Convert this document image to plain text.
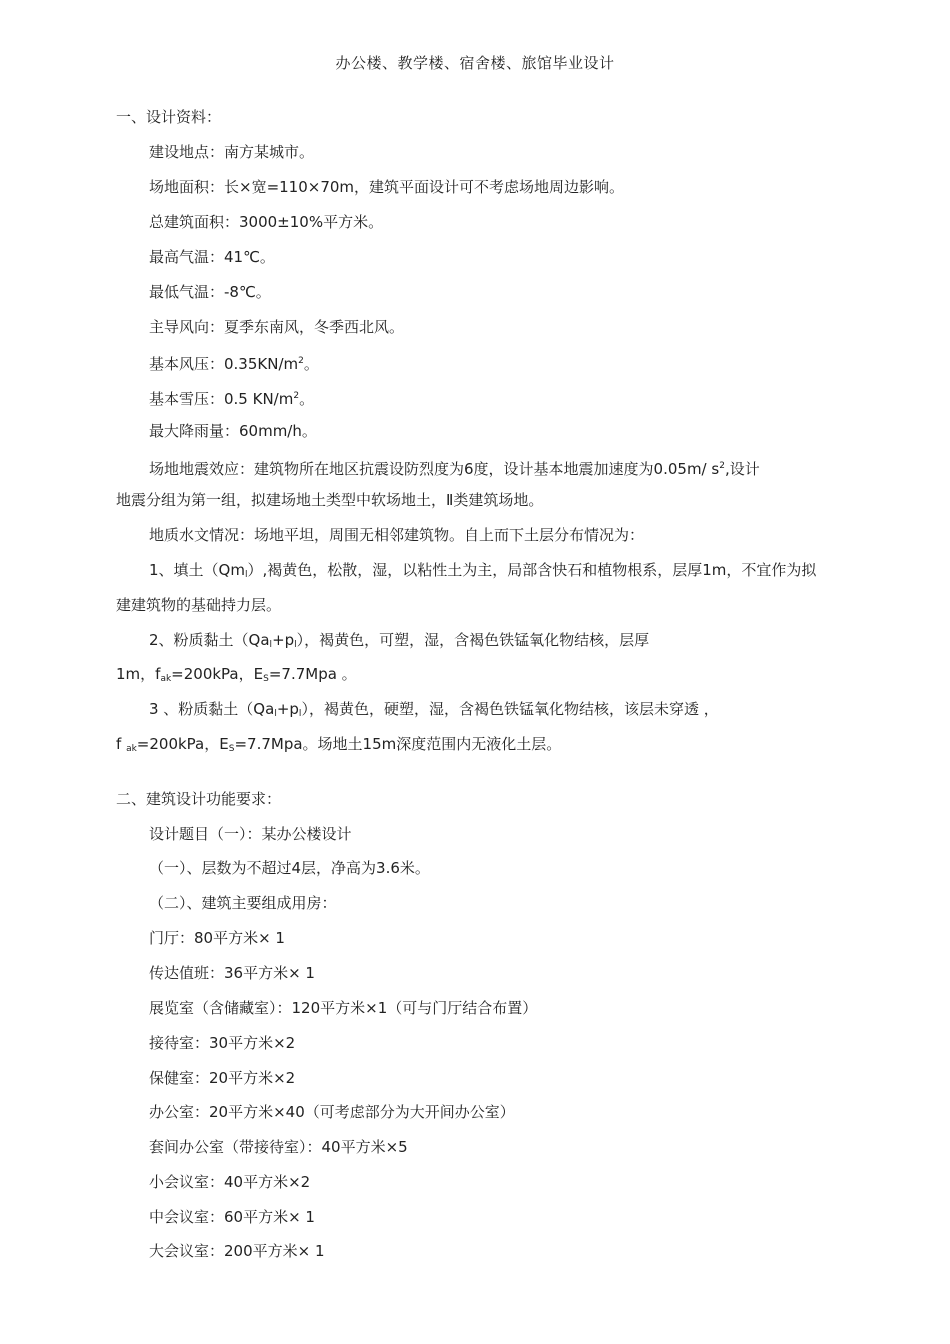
办公楼、教学楼、宿舍楼、旅馆毕业设计
一、设计资料：
建设地点：南方某城市。
场地面积：长×宽=110×70m，建筑平面设计可不考虑场地周边影响。
总建筑面积：3000±10%平方米。
最高气温：41℃。
最低气温：-8℃。
主导风向：夏季东南风，冬季西北风。
基本风压：$0.35KN/m^2$。
基本雪压：0.5 $KN/m^2$。
最大降雨量：60mm/h。
场地地震效应：建筑物所在地区抗震设防烈度为6度，设计基本地震加速度为0.05m/ $s^2$,设计
地震分组为第一组，拟建场地土类型中软场地土，Ⅱ类建筑场地。
地质水文情况：场地平坦，周围无相邻建筑物。自上而下土层分布情况为：
1、填土$(Qm_l)$,褐黄色，松散，湿，以粘性土为主，局部含快石和植物根系，层厚1m，不宜作为拟
建建筑物的基础持力层。
2、粉质黏土$(Qa_l+p_l)$，褐黄色，可塑，湿，含褐色铁锰氧化物结核，层厚
1m，$f_{ak}=200kPa$，$E_S=7.7Mpa$ 。
3 、粉质黏土$(Qa_l+p_l)$，褐黄色，硬塑，湿，含褐色铁锰氧化物结核，该层未穿透 ，
f $_{ak}$=200kPa，$E_S=7.7Mpa$。场地土15m深度范围内无液化土层。
二、建筑设计功能要求：
设计题目（一）：某办公楼设计
（一）、层数为不超过4层，净高为3.6米。
（二）、建筑主要组成用房：
门厅：80平方米× 1
传达值班：36平方米× 1
展览室（含储藏室）：120平方米×1（可与门厅结合布置）
接待室：30平方米×2
保健室：20平方米×2
办公室：20平方米×40（可考虑部分为大开间办公室）
套间办公室（带接待室）：40平方米×5
小会议室：40平方米×2
中会议室：60平方米× 1
大会议室：200平方米× 1
